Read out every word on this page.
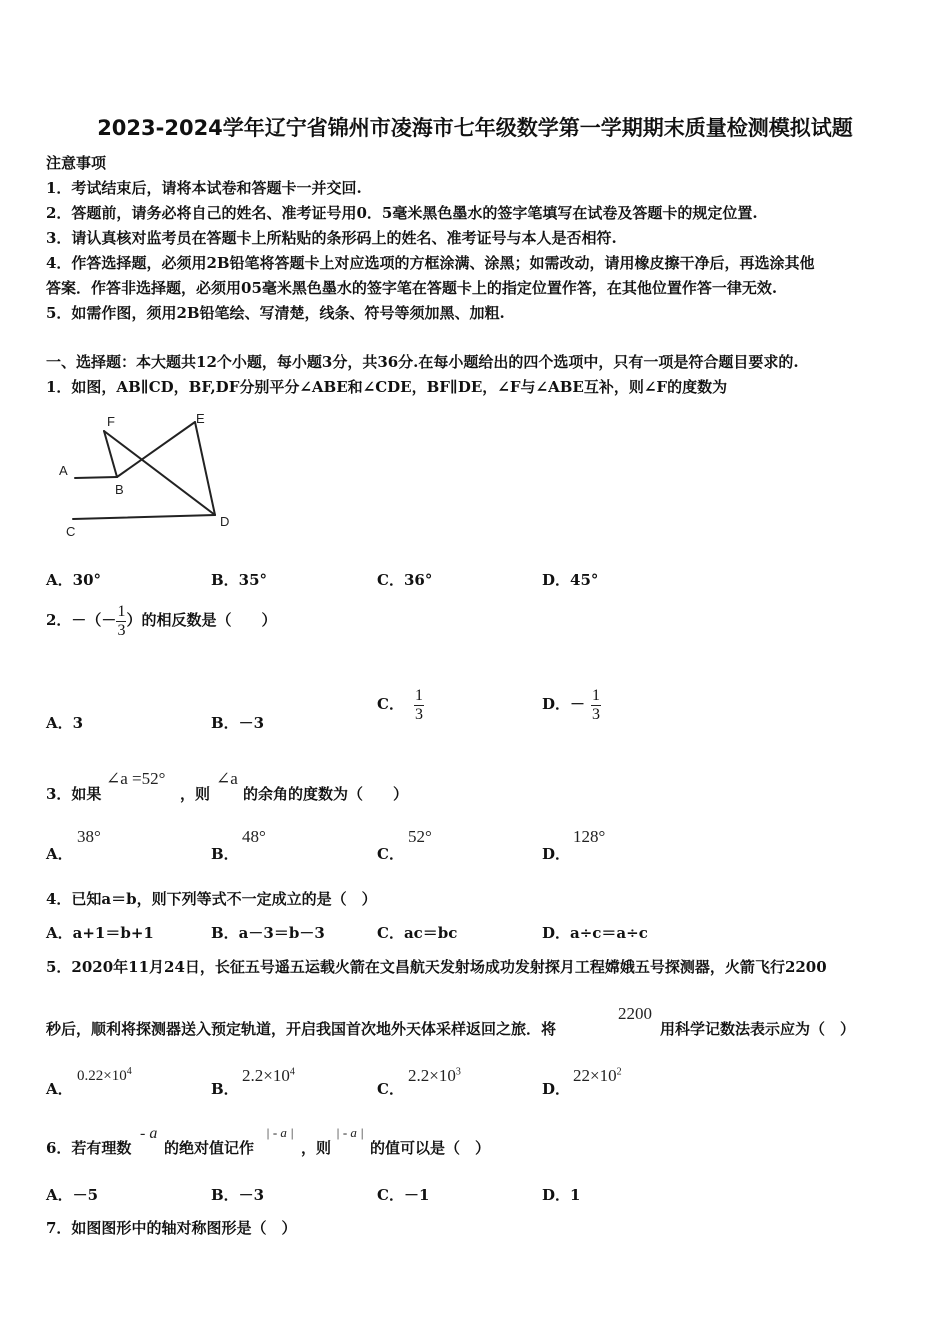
2023-2024学年辽宁省锦州市凌海市七年级数学第一学期期末质量检测模拟试题
注意事项
1．考试结束后，请将本试卷和答题卡一并交回.
2．答题前，请务必将自己的姓名、准考证号用0．5毫米黑色墨水的签字笔填写在试卷及答题卡的规定位置.
3．请认真核对监考员在答题卡上所粘贴的条形码上的姓名、准考证号与本人是否相符.
4．作答选择题，必须用2B铅笔将答题卡上对应选项的方框涂满、涂黑；如需改动，请用橡皮擦干净后，再选涂其他
答案．作答非选择题，必须用05毫米黑色墨水的签字笔在答题卡上的指定位置作答，在其他位置作答一律无效.
5．如需作图，须用2B铅笔绘、写清楚，线条、符号等须加黑、加粗.
一、选择题：本大题共12个小题，每小题3分，共36分.在每小题给出的四个选项中，只有一项是符合题目要求的.
1．如图，AB∥CD，BF,DF分别平分∠ABE和∠CDE，BF∥DE，∠F与∠ABE互补，则∠F的度数为
A
B
C
D
E
F
A．30°	B．35°	C．36°	D．45°
2．－（－ $\frac{1}{3}$ ）的相反数是（　　）
A．3	B．－3
C． $\frac{1}{3}$	D．－ $\frac{1}{3}$
3．如果
∠a =52°
，则
∠a
的余角的度数为（　　）
A．
38°
B．
48°
C．
52°
D．
128°
4．已知a＝b，则下列等式不一定成立的是（　）
A．a+1＝b+1	B．a－3＝b－3	C．ac＝bc	D．a÷c＝a÷c
5．2020年11月24日，长征五号遥五运载火箭在文昌航天发射场成功发射探月工程嫦娥五号探测器，火箭飞行2200
秒后，顺利将探测器送入预定轨道，开启我国首次地外天体采样返回之旅．将
2200
用科学记数法表示应为（　）
A．
$0.22\times 10^4$
B．
$2.2\times 10^4$
C．
$2.2\times 10^3$
D．
$22\times 10^2$
6．若有理数
- a
的绝对值记作
| - a |
，则
| - a |
的值可以是（　）
A．－5	B．－3	C．－1	D．1
7．如图图形中的轴对称图形是（　）
